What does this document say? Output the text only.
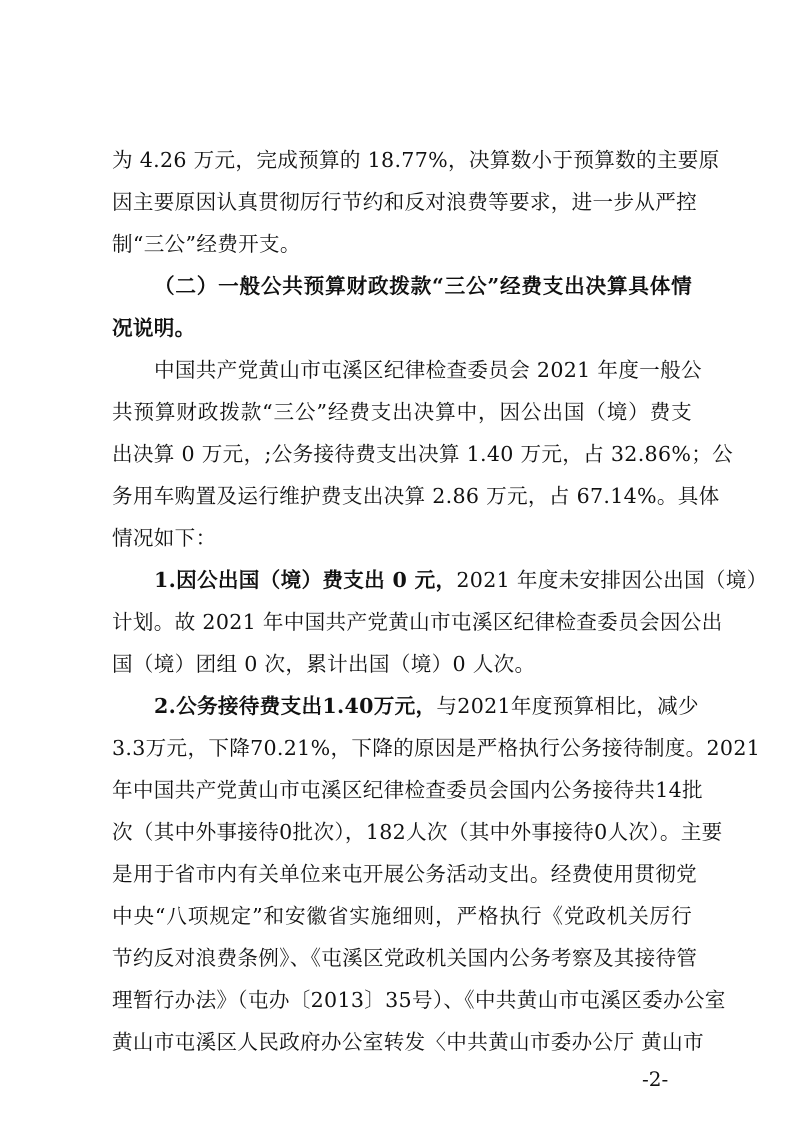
为 4.26 万元，完成预算的 18.77%，决算数小于预算数的主要原
因主要原因认真贯彻厉行节约和反对浪费等要求，进一步从严控
制“三公”经费开支。
（二）一般公共预算财政拨款“三公”经费支出决算具体情
况说明。
中国共产党黄山市屯溪区纪律检查委员会 2021 年度一般公
共预算财政拨款“三公”经费支出决算中，因公出国（境）费支
出决算 0 万元，;公务接待费支出决算 1.40 万元，占 32.86%；公
务用车购置及运行维护费支出决算 2.86 万元，占 67.14%。具体
情况如下：
1.因公出国（境）费支出 0 元，2021 年度未安排因公出国（境）
计划。故 2021 年中国共产党黄山市屯溪区纪律检查委员会因公出
国（境）团组 0 次，累计出国（境）0 人次。
2.公务接待费支出1.40万元，与2021年度预算相比，减少
3.3万元，下降70.21%，下降的原因是严格执行公务接待制度。2021
年中国共产党黄山市屯溪区纪律检查委员会国内公务接待共14批
次（其中外事接待0批次），182人次（其中外事接待0人次）。主要
是用于省市内有关单位来屯开展公务活动支出。经费使用贯彻党
中央“八项规定”和安徽省实施细则，严格执行《党政机关厉行
节约反对浪费条例》、《屯溪区党政机关国内公务考察及其接待管
理暂行办法》（屯办〔2013〕35号）、《中共黄山市屯溪区委办公室
黄山市屯溪区人民政府办公室转发〈中共黄山市委办公厅 黄山市
-2-
